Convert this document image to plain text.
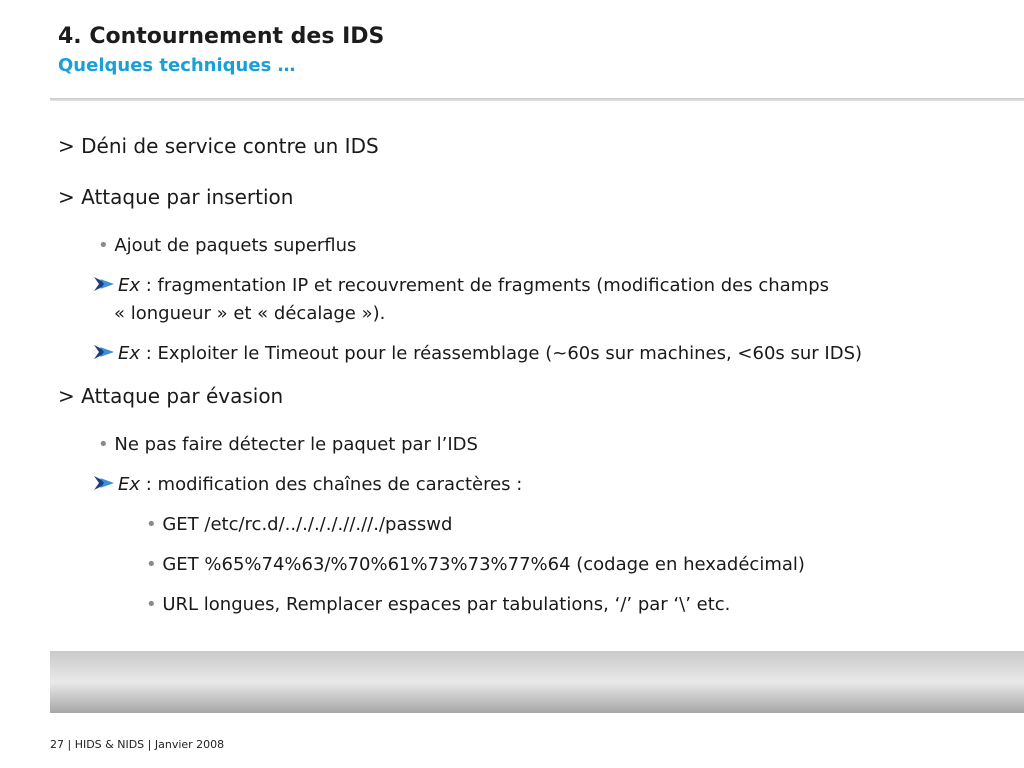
4. Contournement des IDS
Quelques techniques …
> Déni de service contre un IDS
> Attaque par insertion
• Ajout de paquets superflus
Ex : fragmentation IP et recouvrement de fragments (modification des champs
« longueur » et « décalage »).
Ex : Exploiter le Timeout pour le réassemblage (~60s sur machines, <60s sur IDS)
> Attaque par évasion
• Ne pas faire détecter le paquet par l’IDS
Ex : modification des chaînes de caractères :
• GET /etc/rc.d/../././././/.//./passwd
• GET %65%74%63/%70%61%73%73%77%64 (codage en hexadécimal)
• URL longues, Remplacer espaces par tabulations, ‘/’ par ‘\’ etc.
27 | HIDS & NIDS | Janvier 2008
